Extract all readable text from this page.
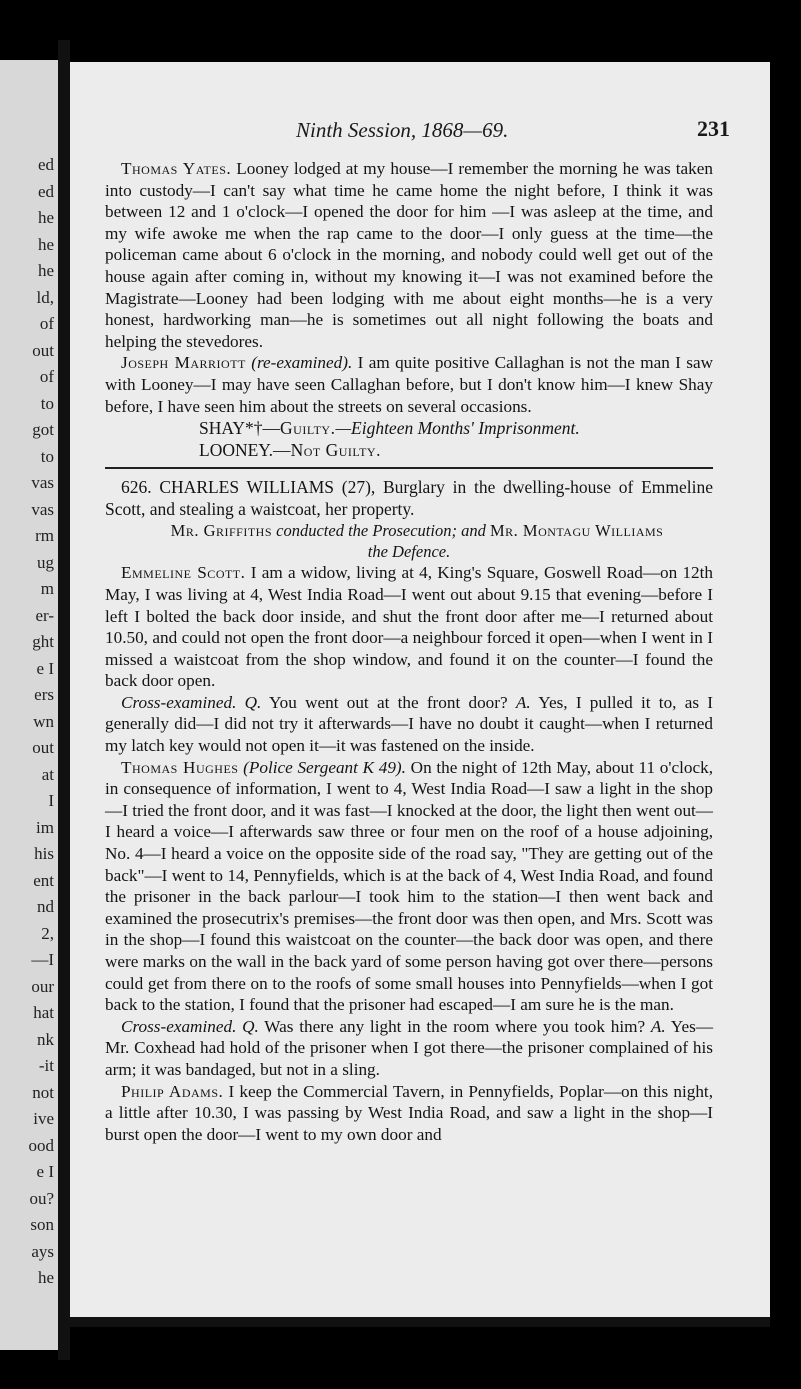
ed
ed
he
he
he
ld,
of
out
of
to
got
to
vas
vas
rm
ug
m
er-
ght
e I
ers
wn
out
at
I
im
his
ent
nd
2,
—I
our
hat
nk
-it
not
ive
ood
e I
ou?
son
ays
he
Ninth Session, 1868—69.	231

Thomas Yates. Looney lodged at my house—I remember the morning he was taken into custody—I can't say what time he came home the night before, I think it was between 12 and 1 o'clock—I opened the door for him —I was asleep at the time, and my wife awoke me when the rap came to the door—I only guess at the time—the policeman came about 6 o'clock in the morning, and nobody could well get out of the house again after coming in, without my knowing it—I was not examined before the Magistrate—Looney had been lodging with me about eight months—he is a very honest, hardworking man—he is sometimes out all night following the boats and helping the stevedores.

Joseph Marriott (re-examined). I am quite positive Callaghan is not the man I saw with Looney—I may have seen Callaghan before, but I don't know him—I knew Shay before, I have seen him about the streets on several occasions.

SHAY*†—Guilty.—Eighteen Months' Imprisonment.

LOONEY.—Not Guilty.

626. CHARLES WILLIAMS (27), Burglary in the dwelling-house of Emmeline Scott, and stealing a waistcoat, her property.

Mr. Griffiths conducted the Prosecution; and Mr. Montagu Williams
the Defence.

Emmeline Scott. I am a widow, living at 4, King's Square, Goswell Road—on 12th May, I was living at 4, West India Road—I went out about 9.15 that evening—before I left I bolted the back door inside, and shut the front door after me—I returned about 10.50, and could not open the front door—a neighbour forced it open—when I went in I missed a waistcoat from the shop window, and found it on the counter—I found the back door open.

Cross-examined. Q. You went out at the front door? A. Yes, I pulled it to, as I generally did—I did not try it afterwards—I have no doubt it caught—when I returned my latch key would not open it—it was fastened on the inside.

Thomas Hughes (Police Sergeant K 49). On the night of 12th May, about 11 o'clock, in consequence of information, I went to 4, West India Road—I saw a light in the shop—I tried the front door, and it was fast—I knocked at the door, the light then went out—I heard a voice—I afterwards saw three or four men on the roof of a house adjoining, No. 4—I heard a voice on the opposite side of the road say, "They are getting out of the back"—I went to 14, Pennyfields, which is at the back of 4, West India Road, and found the prisoner in the back parlour—I took him to the station—I then went back and examined the prosecutrix's premises—the front door was then open, and Mrs. Scott was in the shop—I found this waistcoat on the counter—the back door was open, and there were marks on the wall in the back yard of some person having got over there—persons could get from there on to the roofs of some small houses into Pennyfields—when I got back to the station, I found that the prisoner had escaped—I am sure he is the man.

Cross-examined. Q. Was there any light in the room where you took him? A. Yes—Mr. Coxhead had hold of the prisoner when I got there—the prisoner complained of his arm; it was bandaged, but not in a sling.

Philip Adams. I keep the Commercial Tavern, in Pennyfields, Poplar—on this night, a little after 10.30, I was passing by West India Road, and saw a light in the shop—I burst open the door—I went to my own door and
